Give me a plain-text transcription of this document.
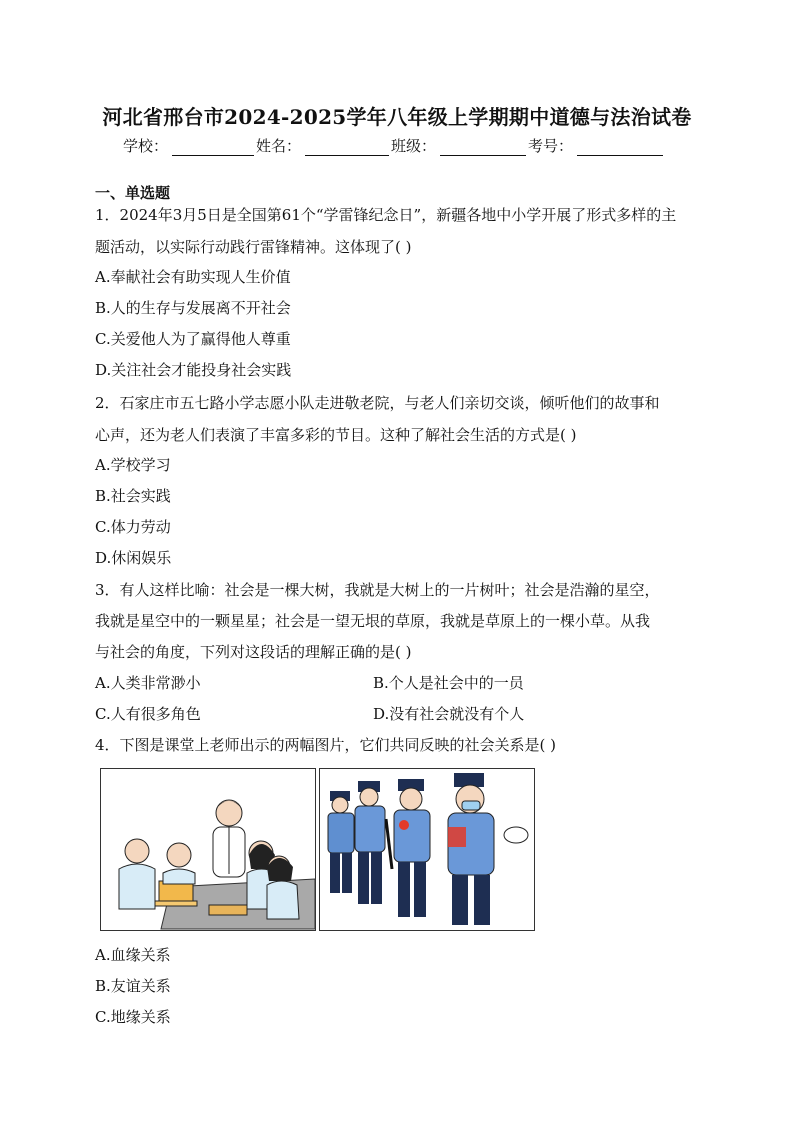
河北省邢台市2024-2025学年八年级上学期期中道德与法治试卷
学校：	姓名：	班级：	考号：
一、单选题
1．2024年3月5日是全国第61个“学雷锋纪念日”，新疆各地中小学开展了形式多样的主
题活动，以实际行动践行雷锋精神。这体现了( )
A.奉献社会有助实现人生价值
B.人的生存与发展离不开社会
C.关爱他人为了赢得他人尊重
D.关注社会才能投身社会实践
2．石家庄市五七路小学志愿小队走进敬老院，与老人们亲切交谈，倾听他们的故事和
心声，还为老人们表演了丰富多彩的节目。这种了解社会生活的方式是( )
A.学校学习
B.社会实践
C.体力劳动
D.休闲娱乐
3．有人这样比喻：社会是一棵大树，我就是大树上的一片树叶；社会是浩瀚的星空，
我就是星空中的一颗星星；社会是一望无垠的草原，我就是草原上的一棵小草。从我
与社会的角度，下列对这段话的理解正确的是( )
A.人类非常渺小	B.个人是社会中的一员
C.人有很多角色	D.没有社会就没有个人
4．下图是课堂上老师出示的两幅图片，它们共同反映的社会关系是( )
A.血缘关系
B.友谊关系
C.地缘关系
